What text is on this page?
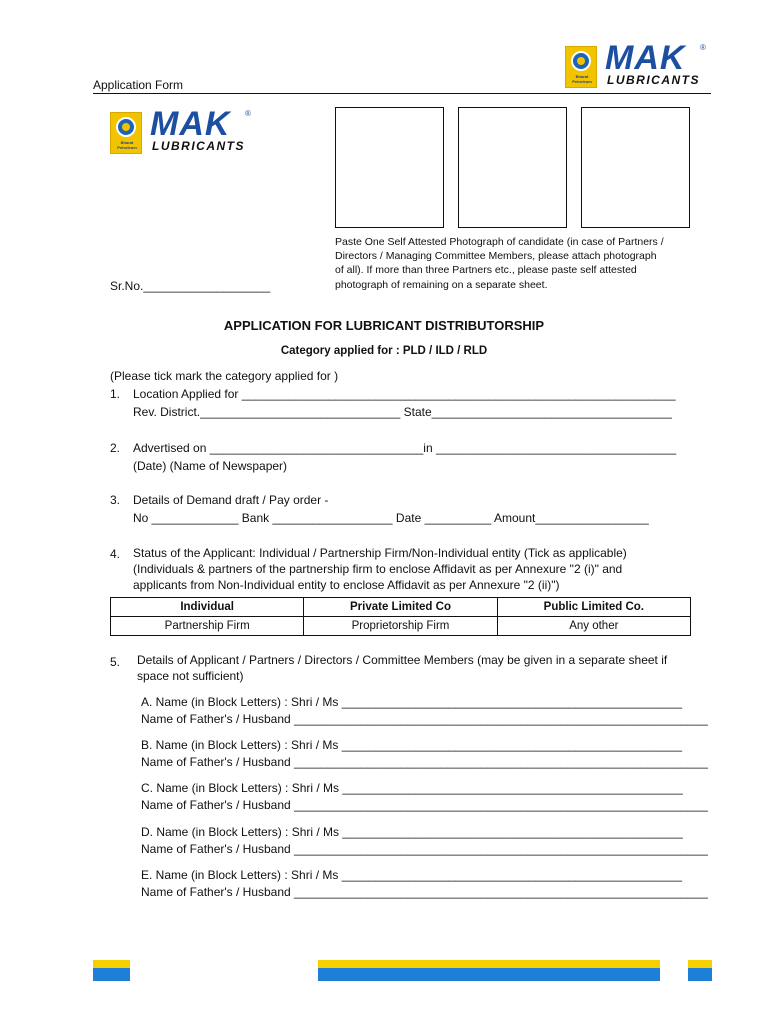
Application Form
Bharat Petroleum
MAK ®
LUBRICANTS
Bharat Petroleum
MAK ®
LUBRICANTS
Paste One Self Attested Photograph of candidate (in case of Partners /
Directors / Managing Committee Members, please attach photograph
of all). If more than three Partners etc., please paste self attested
photograph of remaining on a separate sheet.
Sr.No.___________________
APPLICATION FOR LUBRICANT DISTRIBUTORSHIP
Category applied for : PLD / ILD / RLD
(Please tick mark the category applied for )
1. Location Applied for _________________________________________________________________
Rev. District.______________________________ State____________________________________
2. Advertised on ________________________________in ____________________________________
(Date) (Name of Newspaper)
3. Details of Demand draft / Pay order -
No _____________ Bank __________________ Date __________ Amount_________________
4. Status of the Applicant: Individual / Partnership Firm/Non-Individual entity (Tick as applicable)
(Individuals & partners of the partnership firm to enclose Affidavit as per Annexure "2 (i)" and
applicants from Non-Individual entity to enclose Affidavit as per Annexure "2 (ii)")
Individual	Private Limited Co	Public Limited Co.
Partnership Firm	Proprietorship Firm	Any other
5. Details of Applicant / Partners / Directors / Committee Members (may be given in a separate sheet if
space not sufficient)
A. Name (in Block Letters) : Shri / Ms ___________________________________________________
Name of Father's / Husband ______________________________________________________________
B. Name (in Block Letters) : Shri / Ms ___________________________________________________
Name of Father's / Husband ______________________________________________________________
C. Name (in Block Letters) : Shri / Ms ___________________________________________________
Name of Father's / Husband ______________________________________________________________
D. Name (in Block Letters) : Shri / Ms ___________________________________________________
Name of Father's / Husband ______________________________________________________________
E. Name (in Block Letters) : Shri / Ms ___________________________________________________
Name of Father's / Husband ______________________________________________________________
